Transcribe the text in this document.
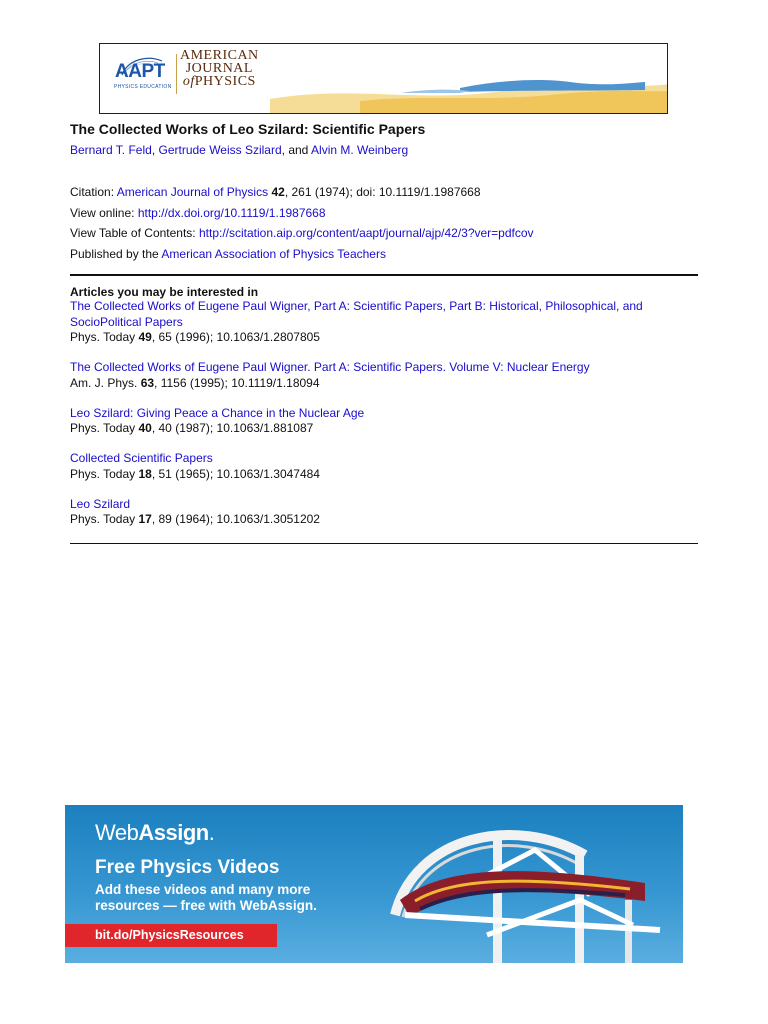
AAPT
PHYSICS EDUCATION
AMERICAN
JOURNAL
ofPHYSICS
The Collected Works of Leo Szilard: Scientific Papers
Bernard T. Feld, Gertrude Weiss Szilard, and Alvin M. Weinberg
Citation: American Journal of Physics 42, 261 (1974); doi: 10.1119/1.1987668
View online: http://dx.doi.org/10.1119/1.1987668
View Table of Contents: http://scitation.aip.org/content/aapt/journal/ajp/42/3?ver=pdfcov
Published by the American Association of Physics Teachers
Articles you may be interested in
The Collected Works of Eugene Paul Wigner, Part A: Scientific Papers, Part B: Historical, Philosophical, and SocioPolitical Papers
Phys. Today 49, 65 (1996); 10.1063/1.2807805
The Collected Works of Eugene Paul Wigner. Part A: Scientific Papers. Volume V: Nuclear Energy
Am. J. Phys. 63, 1156 (1995); 10.1119/1.18094
Leo Szilard: Giving Peace a Chance in the Nuclear Age
Phys. Today 40, 40 (1987); 10.1063/1.881087
Collected Scientific Papers
Phys. Today 18, 51 (1965); 10.1063/1.3047484
Leo Szilard
Phys. Today 17, 89 (1964); 10.1063/1.3051202
WebAssign.
Free Physics Videos
Add these videos and many more
resources — free with WebAssign.
bit.do/PhysicsResources
